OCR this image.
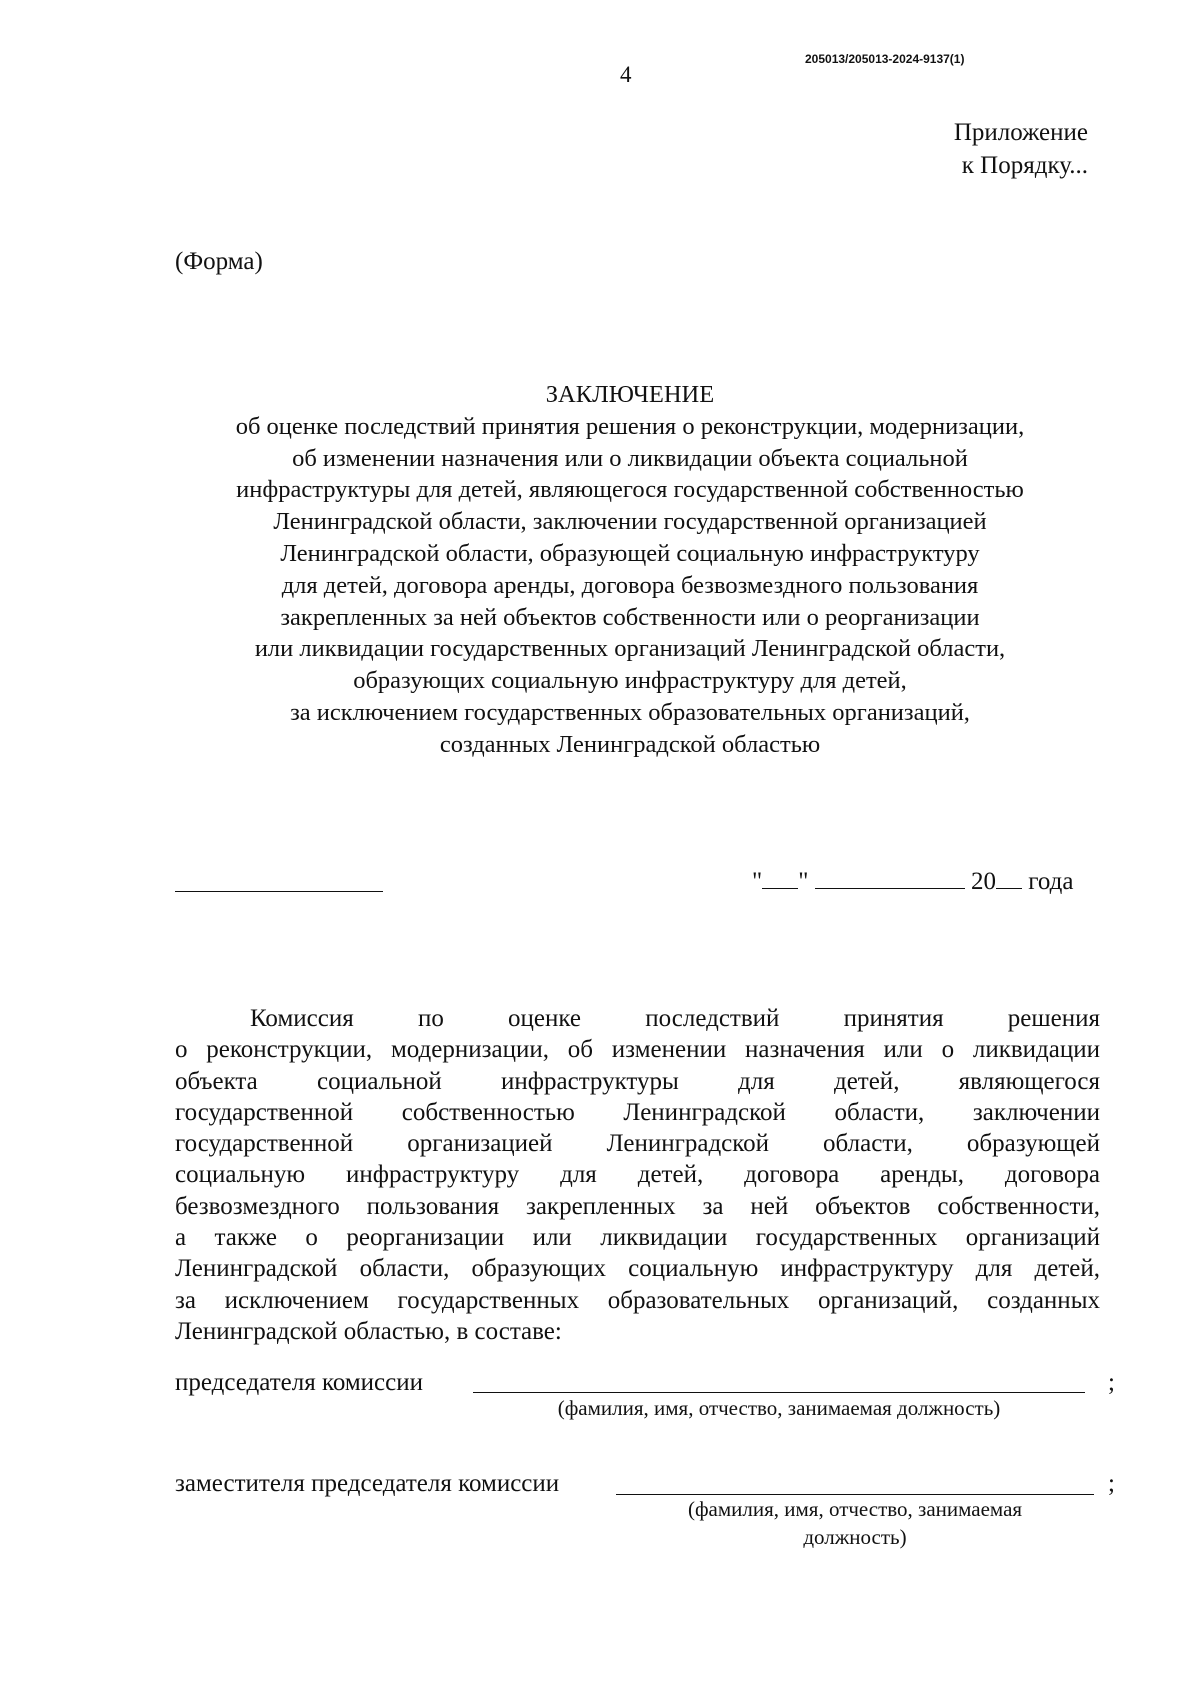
205013/205013-2024-9137(1)
4
Приложение
к Порядку...
(Форма)
ЗАКЛЮЧЕНИЕ
об оценке последствий принятия решения о реконструкции, модернизации,
об изменении назначения или о ликвидации объекта социальной
инфраструктуры для детей, являющегося государственной собственностью
Ленинградской области, заключении государственной организацией
Ленинградской области, образующей социальную инфраструктуру
для детей, договора аренды, договора безвозмездного пользования
закрепленных за ней объектов собственности или о реорганизации
или ликвидации государственных организаций Ленинградской области,
образующих социальную инфраструктуру для детей,
за исключением государственных образовательных организаций,
созданных Ленинградской областью
" "	20 года
Комиссия по оценке последствий принятия решения
о реконструкции, модернизации, об изменении назначения или о ликвидации
объекта социальной инфраструктуры для детей, являющегося
государственной собственностью Ленинградской области, заключении
государственной организацией Ленинградской области, образующей
социальную инфраструктуру для детей, договора аренды, договора
безвозмездного пользования закрепленных за ней объектов собственности,
а также о реорганизации или ликвидации государственных организаций
Ленинградской области, образующих социальную инфраструктуру для детей,
за исключением государственных образовательных организаций, созданных
Ленинградской областью, в составе:
председателя комиссии	;
(фамилия, имя, отчество, занимаемая должность)
заместителя председателя комиссии	;
(фамилия, имя, отчество, занимаемая
должность)
